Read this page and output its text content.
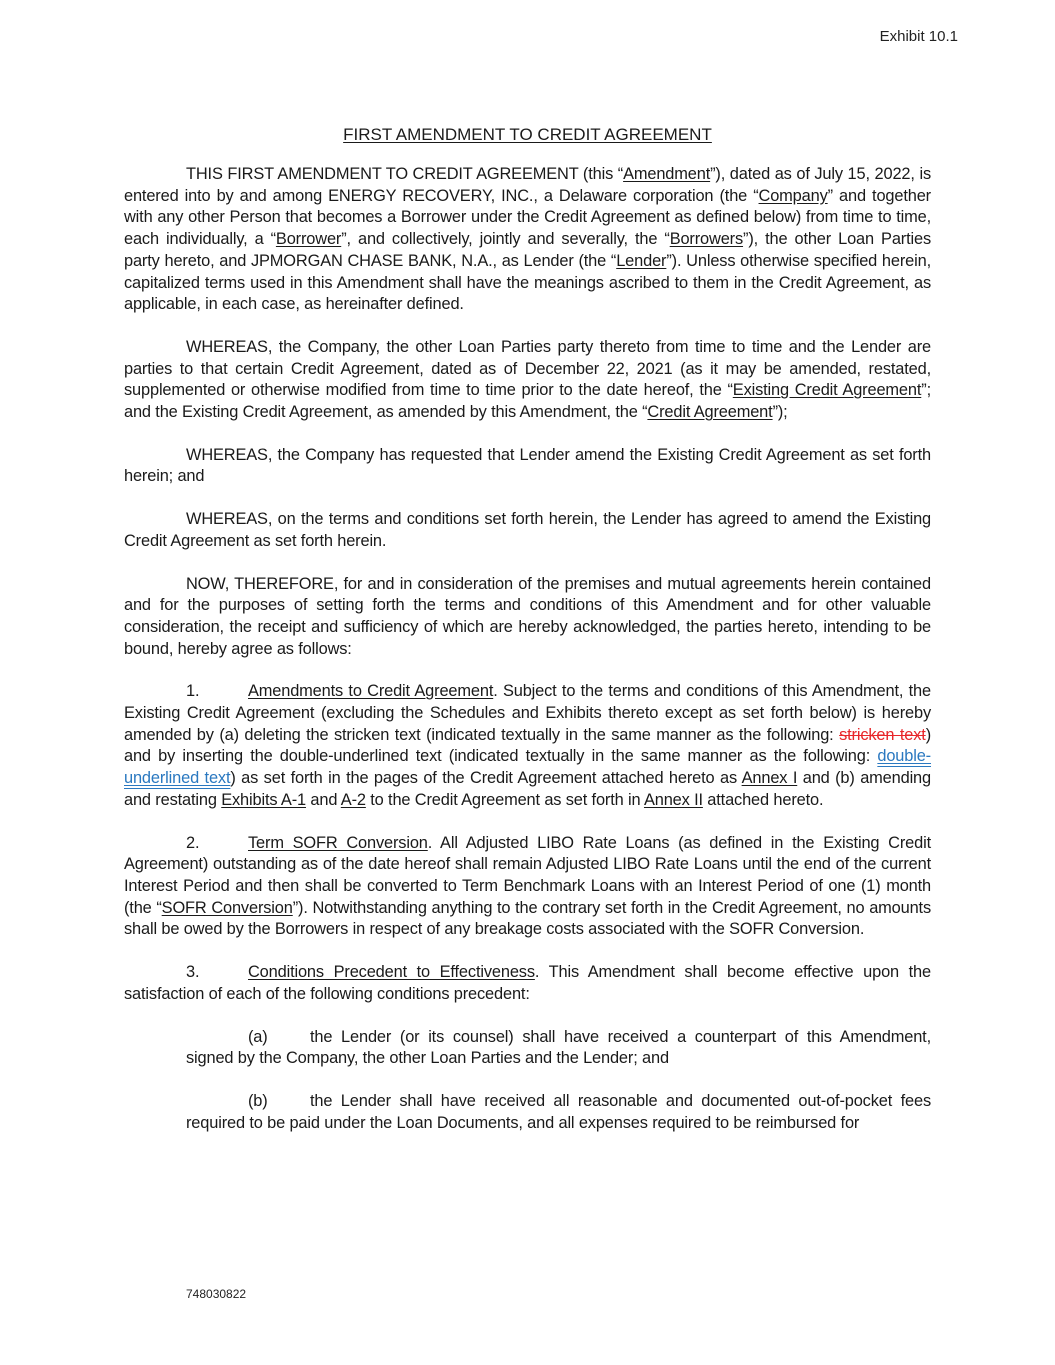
Exhibit 10.1
FIRST AMENDMENT TO CREDIT AGREEMENT

THIS FIRST AMENDMENT TO CREDIT AGREEMENT (this “Amendment”), dated as of July 15, 2022, is entered into by and among ENERGY RECOVERY, INC., a Delaware corporation (the “Company” and together with any other Person that becomes a Borrower under the Credit Agreement as defined below) from time to time, each individually, a “Borrower”, and collectively, jointly and severally, the “Borrowers”), the other Loan Parties party hereto, and JPMORGAN CHASE BANK, N.A., as Lender (the “Lender”). Unless otherwise specified herein, capitalized terms used in this Amendment shall have the meanings ascribed to them in the Credit Agreement, as applicable, in each case, as hereinafter defined.

WHEREAS, the Company, the other Loan Parties party thereto from time to time and the Lender are parties to that certain Credit Agreement, dated as of December 22, 2021 (as it may be amended, restated, supplemented or otherwise modified from time to time prior to the date hereof, the “Existing Credit Agreement”; and the Existing Credit Agreement, as amended by this Amendment, the “Credit Agreement”);

WHEREAS, the Company has requested that Lender amend the Existing Credit Agreement as set forth herein; and

WHEREAS, on the terms and conditions set forth herein, the Lender has agreed to amend the Existing Credit Agreement as set forth herein.

NOW, THEREFORE, for and in consideration of the premises and mutual agreements herein contained and for the purposes of setting forth the terms and conditions of this Amendment and for other valuable consideration, the receipt and sufficiency of which are hereby acknowledged, the parties hereto, intending to be bound, hereby agree as follows:

1.	Amendments to Credit Agreement. Subject to the terms and conditions of this Amendment, the Existing Credit Agreement (excluding the Schedules and Exhibits thereto except as set forth below) is hereby amended by (a) deleting the stricken text (indicated textually in the same manner as the following: stricken text) and by inserting the double-underlined text (indicated textually in the same manner as the following: double-underlined text) as set forth in the pages of the Credit Agreement attached hereto as Annex I and (b) amending and restating Exhibits A-1 and A-2 to the Credit Agreement as set forth in Annex II attached hereto.

2.	Term SOFR Conversion. All Adjusted LIBO Rate Loans (as defined in the Existing Credit Agreement) outstanding as of the date hereof shall remain Adjusted LIBO Rate Loans until the end of the current Interest Period and then shall be converted to Term Benchmark Loans with an Interest Period of one (1) month (the “SOFR Conversion”). Notwithstanding anything to the contrary set forth in the Credit Agreement, no amounts shall be owed by the Borrowers in respect of any breakage costs associated with the SOFR Conversion.

3.	Conditions Precedent to Effectiveness. This Amendment shall become effective upon the satisfaction of each of the following conditions precedent:

(a)	the Lender (or its counsel) shall have received a counterpart of this Amendment, signed by the Company, the other Loan Parties and the Lender; and

(b)	the Lender shall have received all reasonable and documented out-of-pocket fees required to be paid under the Loan Documents, and all expenses required to be reimbursed for

748030822
